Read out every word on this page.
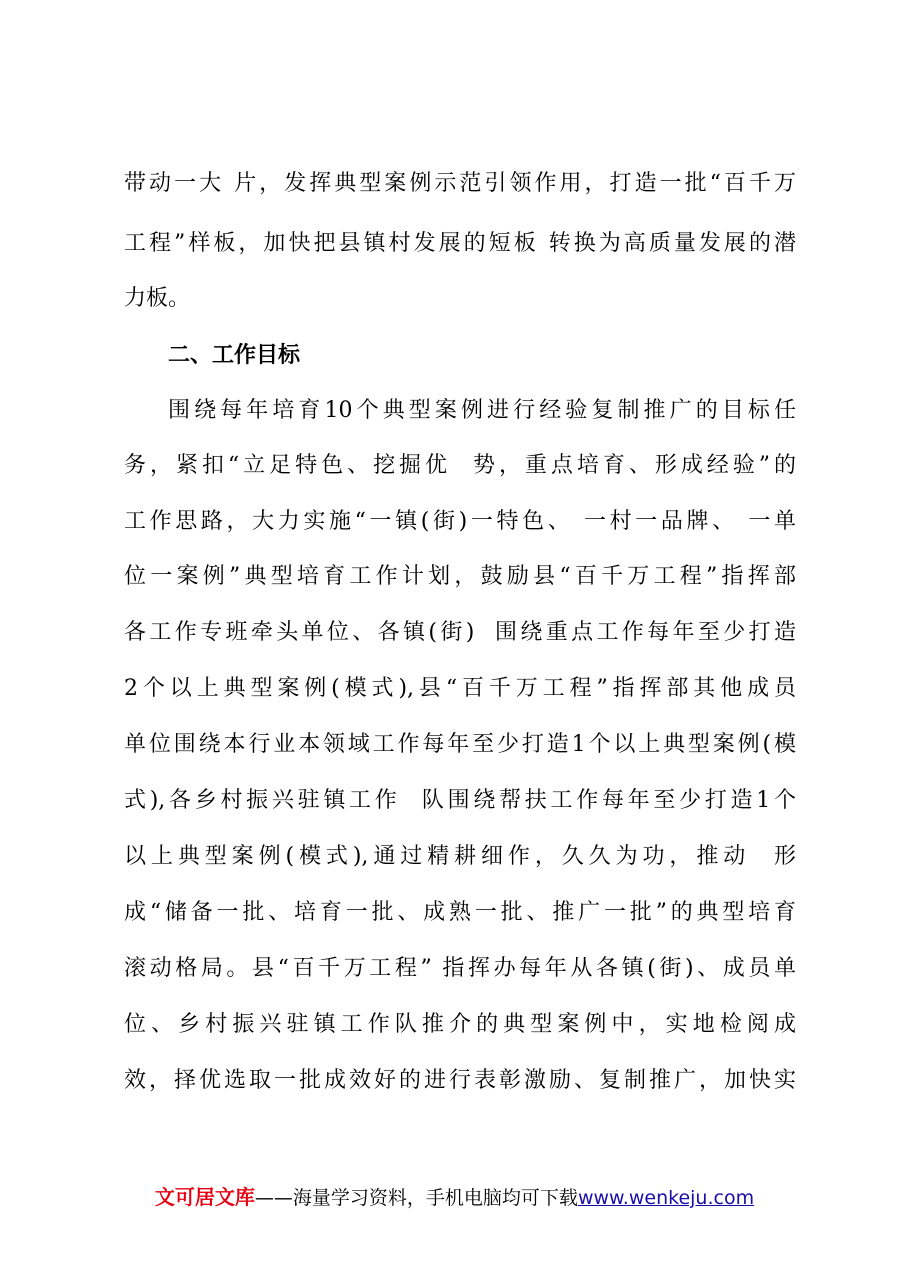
带动一大 片，发挥典型案例示范引领作用，打造一批“百千万
工程”样板，加快把县镇村发展的短板 转换为高质量发展的潜
力板。
二、工作目标
围绕每年培育10个典型案例进行经验复制推广的目标任
务，紧扣“立足特色、挖掘优  势，重点培育、形成经验”的
工作思路，大力实施“一镇(街)一特色、 一村一品牌、 一单
位一案例”典型培育工作计划，鼓励县“百千万工程”指挥部
各工作专班牵头单位、各镇(街)  围绕重点工作每年至少打造
2个以上典型案例(模式),县“百千万工程”指挥部其他成员
单位围绕本行业本领域工作每年至少打造1个以上典型案例(模
式),各乡村振兴驻镇工作  队围绕帮扶工作每年至少打造1个
以上典型案例(模式),通过精耕细作，久久为功，推动  形
成“储备一批、培育一批、成熟一批、推广一批”的典型培育
滚动格局。县“百千万工程” 指挥办每年从各镇(街)、成员单
位、乡村振兴驻镇工作队推介的典型案例中，实地检阅成
效，择优选取一批成效好的进行表彰激励、复制推广，加快实
文可居文库——海量学习资料，手机电脑均可下载www.wenkeju.com
